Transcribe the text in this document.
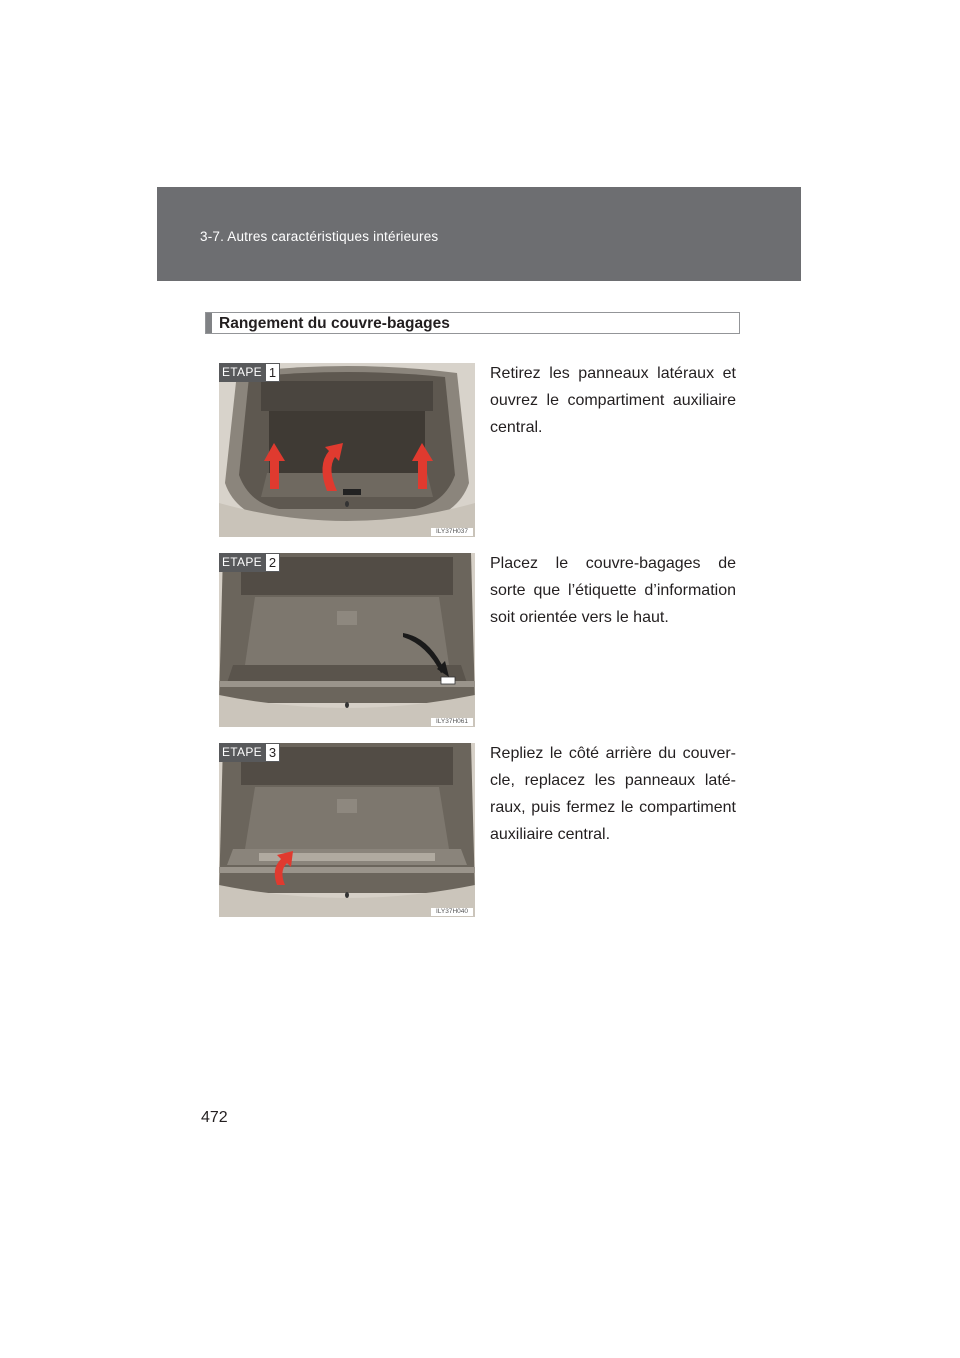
3-7. Autres caractéristiques intérieures
Rangement du couvre-bagages
ILY37H037
ETAPE 1	Retirez les panneaux latéraux et ouvrez le compartiment auxiliaire central.
ILY37H061
ETAPE 2	Placez le couvre-bagages de sorte que l’étiquette d’information soit orientée vers le haut.
ILY37H040
ETAPE 3	Repliez le côté arrière du couver-cle, replacez les panneaux laté-raux, puis fermez le compartiment auxiliaire central.
472
